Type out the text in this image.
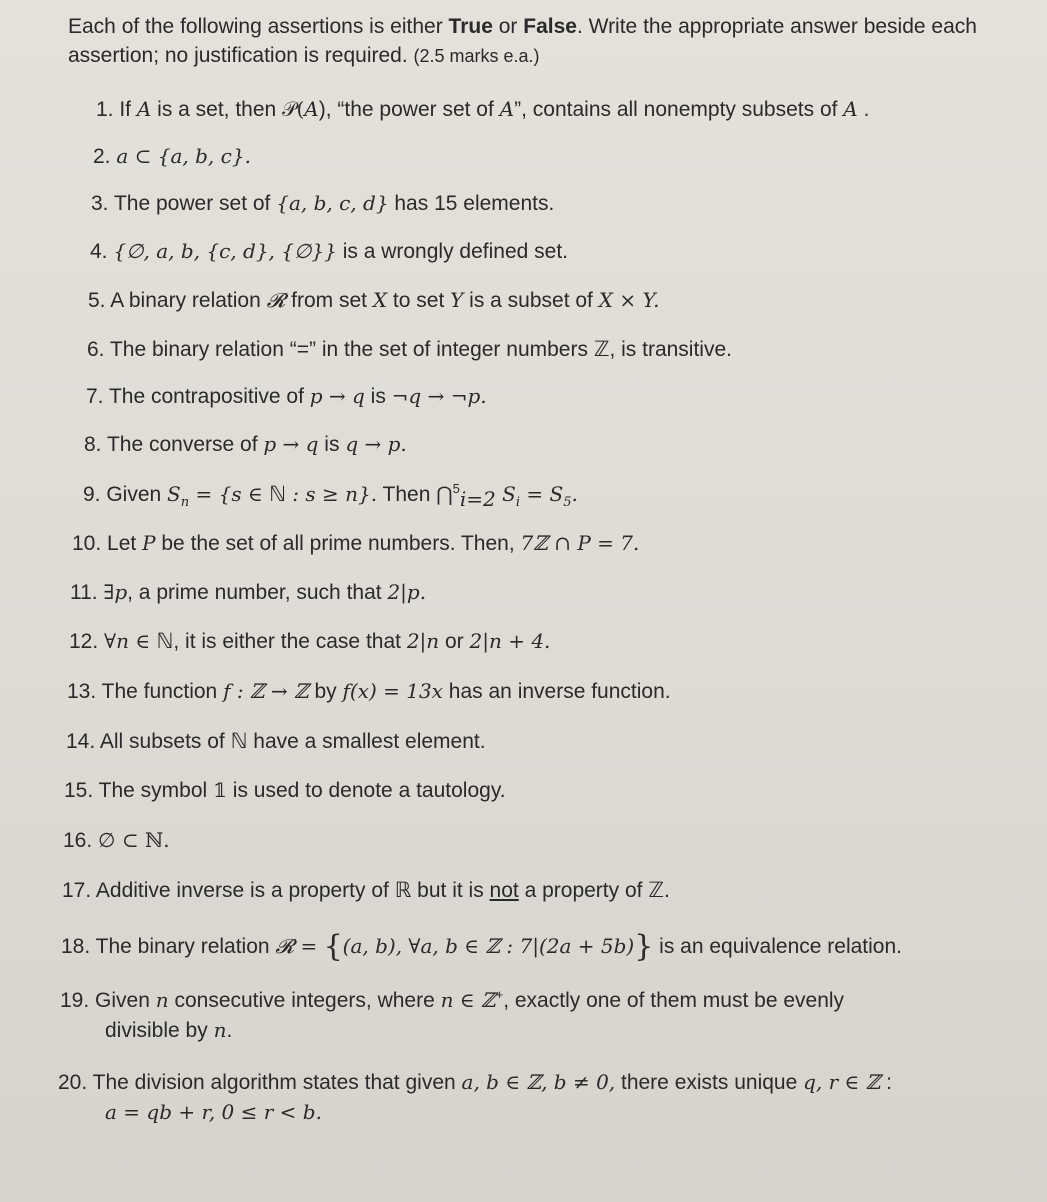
Each of the following assertions is either True or False. Write the appropriate answer beside each assertion; no justification is required. (2.5 marks e.a.)

1. If A is a set, then 𝒫(A), “the power set of A”, contains all nonempty subsets of A .
2. a ⊂ {a, b, c}.
3. The power set of {a, b, c, d} has 15 elements.
4. {∅, a, b, {c, d}, {∅}} is a wrongly defined set.
5. A binary relation 𝓡 from set X to set Y is a subset of X × Y.
6. The binary relation “=” in the set of integer numbers ℤ, is transitive.
7. The contrapositive of p → q is ¬q → ¬p.
8. The converse of p → q is q → p.
9. Given $S_n = \{s$ ∈ ℕ : s ≥ n}. Then ⋂$^5_{i=2}$ $S_i = S_5$.
10. Let P be the set of all prime numbers. Then, 7ℤ ∩ P = 7.
11. ∃p, a prime number, such that 2|p.
12. ∀n ∈ ℕ, it is either the case that 2|n or 2|n + 4.
13. The function f : ℤ → ℤ by f(x) = 13x has an inverse function.
14. All subsets of ℕ have a smallest element.
15. The symbol 𝟙 is used to denote a tautology.
16. ∅ ⊂ ℕ.
17. Additive inverse is a property of ℝ but it is not a property of ℤ.
18. The binary relation 𝓡 = {(a, b), ∀a, b ∈ ℤ : 7|(2a + 5b)} is an equivalence relation.
19. Given n consecutive integers, where n ∈ ℤ+, exactly one of them must be evenly
divisible by n.
20. The division algorithm states that given a, b ∈ ℤ, b ≠ 0, there exists unique q, r ∈ ℤ :
a = qb + r, 0 ≤ r < b.
